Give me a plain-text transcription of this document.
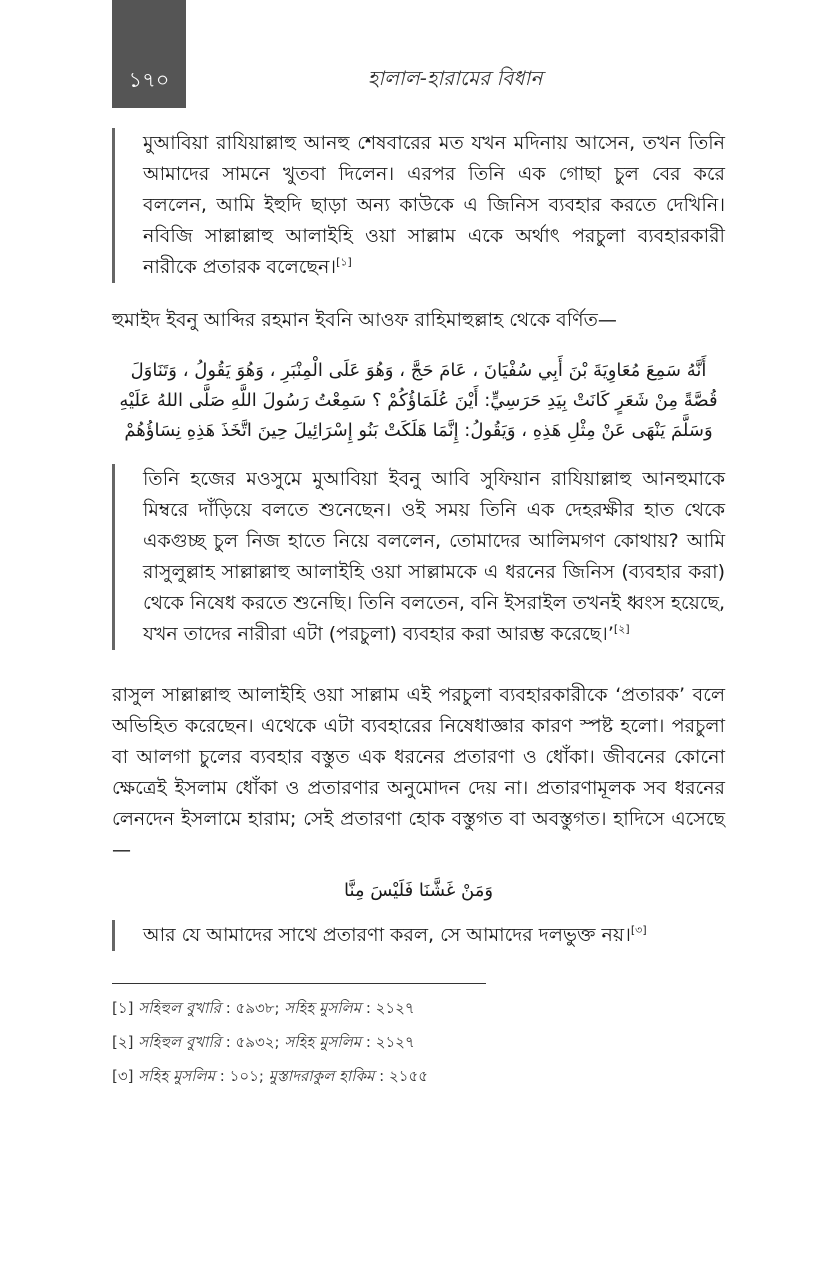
১৭০	হালাল-হারামের বিধান
মুআবিয়া রাযিয়াল্লাহু আনহু শেষবারের মত যখন মদিনায় আসেন, তখন তিনি আমাদের সামনে খুতবা দিলেন। এরপর তিনি এক গোছা চুল বের করে বললেন, আমি ইহুদি ছাড়া অন্য কাউকে এ জিনিস ব্যবহার করতে দেখিনি। নবিজি সাল্লাল্লাহু আলাইহি ওয়া সাল্লাম একে অর্থাৎ পরচুলা ব্যবহারকারী নারীকে প্রতারক বলেছেন।[১]
হুমাইদ ইবনু আব্দির রহমান ইবনি আওফ রাহিমাহুল্লাহ থেকে বর্ণিত—
أَنَّهُ سَمِعَ مُعَاوِيَةَ بْنَ أَبِي سُفْيَانَ ، عَامَ حَجَّ ، وَهُوَ عَلَى الْمِنْبَرِ ، وَهُوَ يَقُولُ ، وَتَنَاوَلَ قُصَّةً مِنْ شَعَرٍ كَانَتْ بِيَدِ حَرَسِيٍّ: أَيْنَ عُلَمَاؤُكُمْ ؟ سَمِعْتُ رَسُولَ اللَّهِ صَلَّى اللهُ عَلَيْهِ وَسَلَّمَ يَنْهَى عَنْ مِثْلِ هَذِهِ ، وَيَقُولُ: إِنَّمَا هَلَكَتْ بَنُو إِسْرَائِيلَ حِينَ اتَّخَذَ هَذِهِ نِسَاؤُهُمْ
তিনি হজের মওসুমে মুআবিয়া ইবনু আবি সুফিয়ান রাযিয়াল্লাহু আনহুমাকে মিম্বরে দাঁড়িয়ে বলতে শুনেছেন। ওই সময় তিনি এক দেহরক্ষীর হাত থেকে একগুচ্ছ চুল নিজ হাতে নিয়ে বললেন, তোমাদের আলিমগণ কোথায়? আমি রাসুলুল্লাহ সাল্লাল্লাহু আলাইহি ওয়া সাল্লামকে এ ধরনের জিনিস (ব্যবহার করা) থেকে নিষেধ করতে শুনেছি। তিনি বলতেন, বনি ইসরাইল তখনই ধ্বংস হয়েছে, যখন তাদের নারীরা এটা (পরচুলা) ব্যবহার করা আরম্ভ করেছে।’[২]
রাসুল সাল্লাল্লাহু আলাইহি ওয়া সাল্লাম এই পরচুলা ব্যবহারকারীকে ‘প্রতারক’ বলে অভিহিত করেছেন। এথেকে এটা ব্যবহারের নিষেধাজ্ঞার কারণ স্পষ্ট হলো। পরচুলা বা আলগা চুলের ব্যবহার বস্তুত এক ধরনের প্রতারণা ও ধোঁকা। জীবনের কোনো ক্ষেত্রেই ইসলাম ধোঁকা ও প্রতারণার অনুমোদন দেয় না। প্রতারণামূলক সব ধরনের লেনদেন ইসলামে হারাম; সেই প্রতারণা হোক বস্তুগত বা অবস্তুগত। হাদিসে এসেছে—
وَمَنْ غَشَّنَا فَلَيْسَ مِنَّا
আর যে আমাদের সাথে প্রতারণা করল, সে আমাদের দলভুক্ত নয়।[৩]
[১] সহিহুল বুখারি : ৫৯৩৮; সহিহ মুসলিম : ২১২৭
[২] সহিহুল বুখারি : ৫৯৩২; সহিহ মুসলিম : ২১২৭
[৩] সহিহ মুসলিম : ১০১; মুস্তাদরাকুল হাকিম : ২১৫৫
